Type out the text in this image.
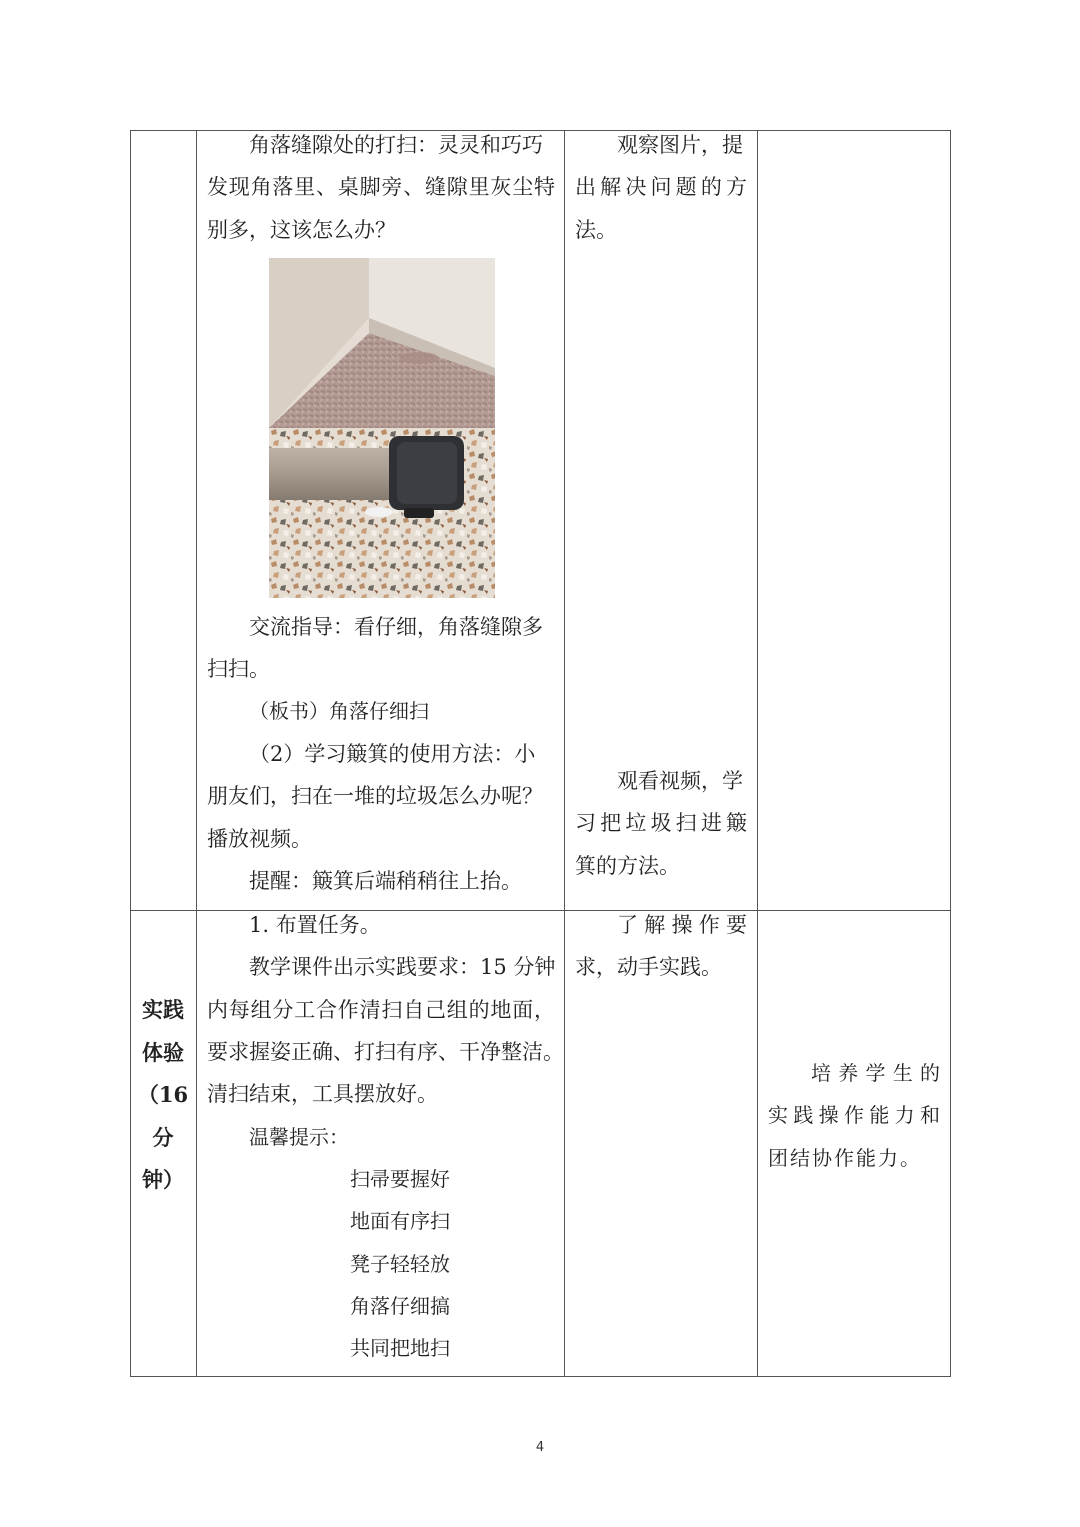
角落缝隙处的打扫：灵灵和巧巧
发现角落里、桌脚旁、缝隙里灰尘特
别多，这该怎么办？
交流指导：看仔细，角落缝隙多
扫扫。
（板书）角落仔细扫
（2）学习簸箕的使用方法：小
朋友们，扫在一堆的垃圾怎么办呢？
播放视频。
提醒：簸箕后端稍稍往上抬。
观察图片，提
出解决问题的方
法。
观看视频，学
习把垃圾扫进簸
箕的方法。
实践
体验
（16
分
钟）
1. 布置任务。
教学课件出示实践要求：15 分钟
内每组分工合作清扫自己组的地面，
要求握姿正确、打扫有序、干净整洁。
清扫结束，工具摆放好。
温馨提示：
扫帚要握好
地面有序扫
凳子轻轻放
角落仔细搞
共同把地扫
了解操作要
求，动手实践。
培养学生的
实践操作能力和
团结协作能力。
4
